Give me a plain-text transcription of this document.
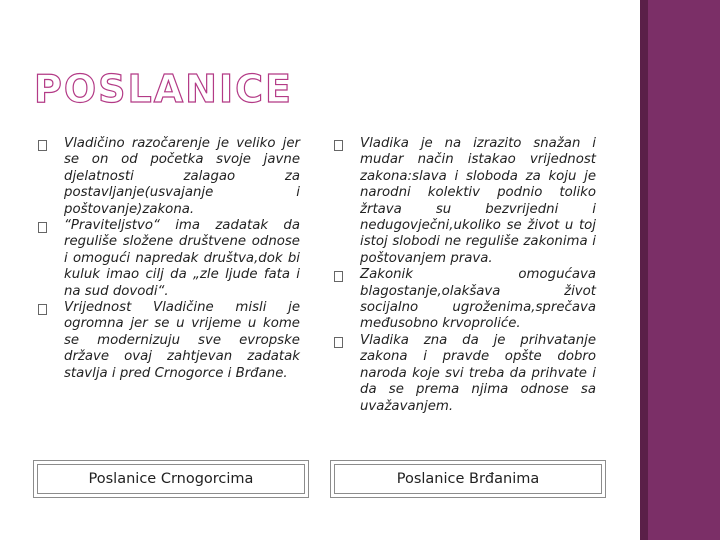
POSLANICE
Vladičino razočarenje je veliko jer se on od početka svoje javne djelatnosti zalagao za postavljanje(usvajanje i poštovanje)zakona.
“Praviteljstvo“ ima zadatak da reguliše složene društvene odnose i omogući napredak društva,dok bi kuluk imao cilj da „zle ljude fata i na sud dovodi“.
Vrijednost Vladičine misli je ogromna jer se u vrijeme u kome se modernizuju sve evropske države ovaj zahtjevan zadatak stavlja i pred Crnogorce i Brđane.
Vladika je na izrazito snažan i mudar način istakao vrijednost zakona:slava i sloboda za koju je narodni kolektiv podnio toliko žrtava su bezvrijedni i nedugovječni,ukoliko se život u toj istoj slobodi ne reguliše zakonima i poštovanjem prava.
Zakonik omogućava blagostanje,olakšava život socijalno ugroženima,sprečava međusobno krvoproliće.
Vladika zna da je prihvatanje zakona i pravde opšte dobro naroda koje svi treba da prihvate i da se prema njima odnose sa uvažavanjem.
Poslanice Crnogorcima	Poslanice Brđanima
